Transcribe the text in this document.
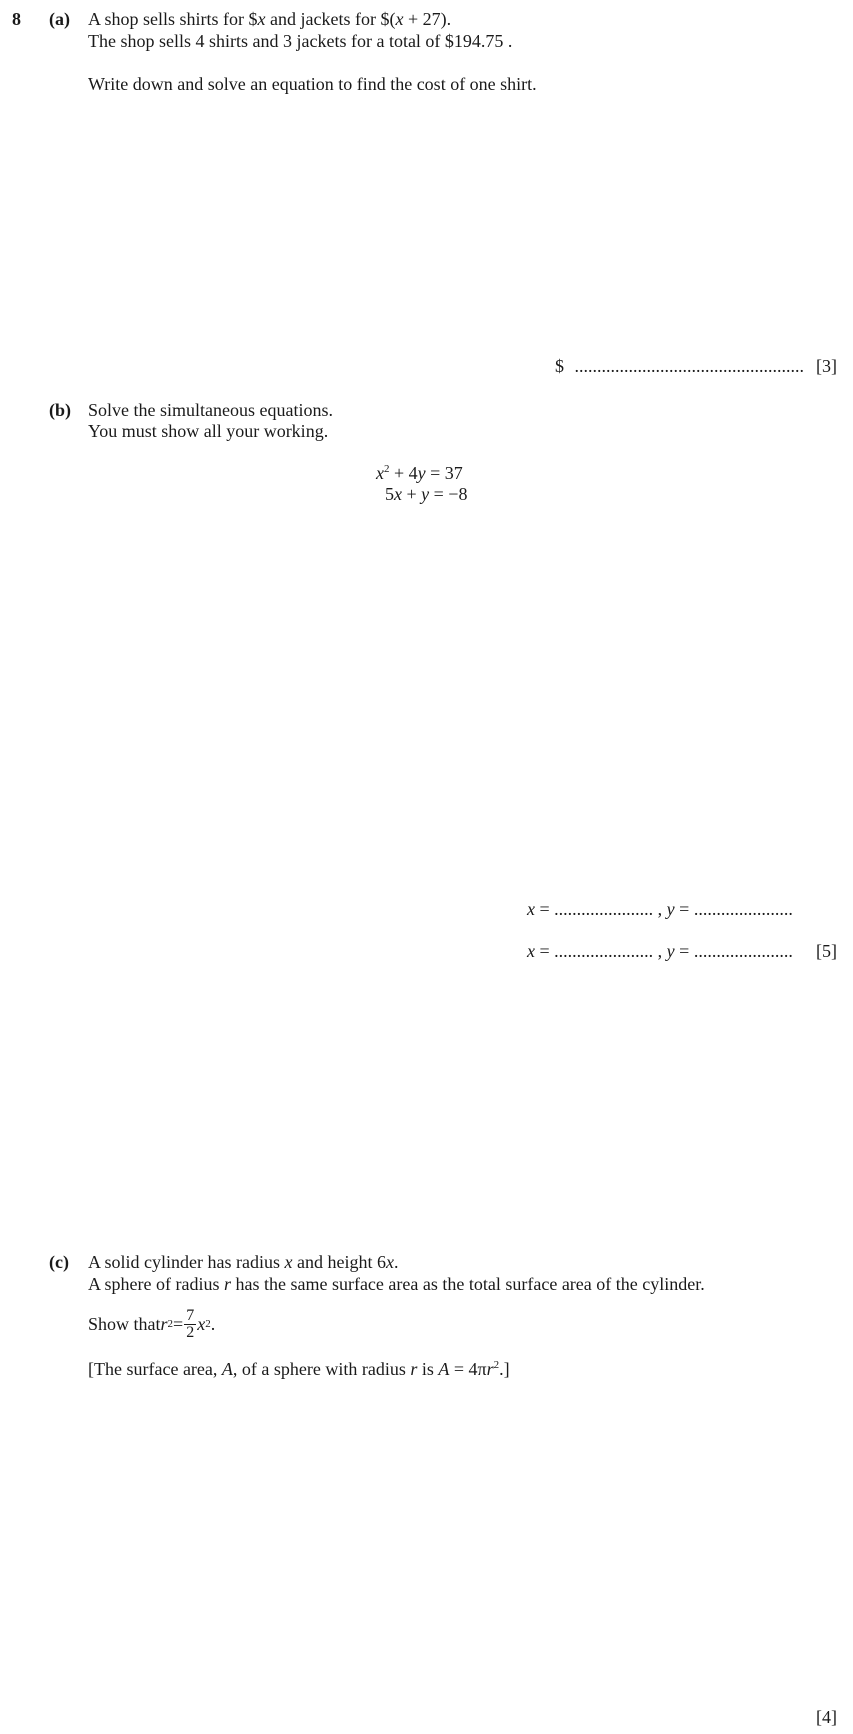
8 (a) A shop sells shirts for $x and jackets for $(x + 27).
The shop sells 4 shirts and 3 jackets for a total of $194.75 .
Write down and solve an equation to find the cost of one shirt.
$ ................................................... [3]
(b) Solve the simultaneous equations.
You must show all your working.
$x^2 + 4y = 37$
5x + y = −8
x = ...................... , y = ......................
x = ...................... , y = ...................... [5]
(c) A solid cylinder has radius x and height 6x.
A sphere of radius r has the same surface area as the total surface area of the cylinder.
Show that r $2 = \frac{7}{2}$ x 2 .
[The surface area, A, of a sphere with radius r is $A = 4\pi r^2$.]
[4]
